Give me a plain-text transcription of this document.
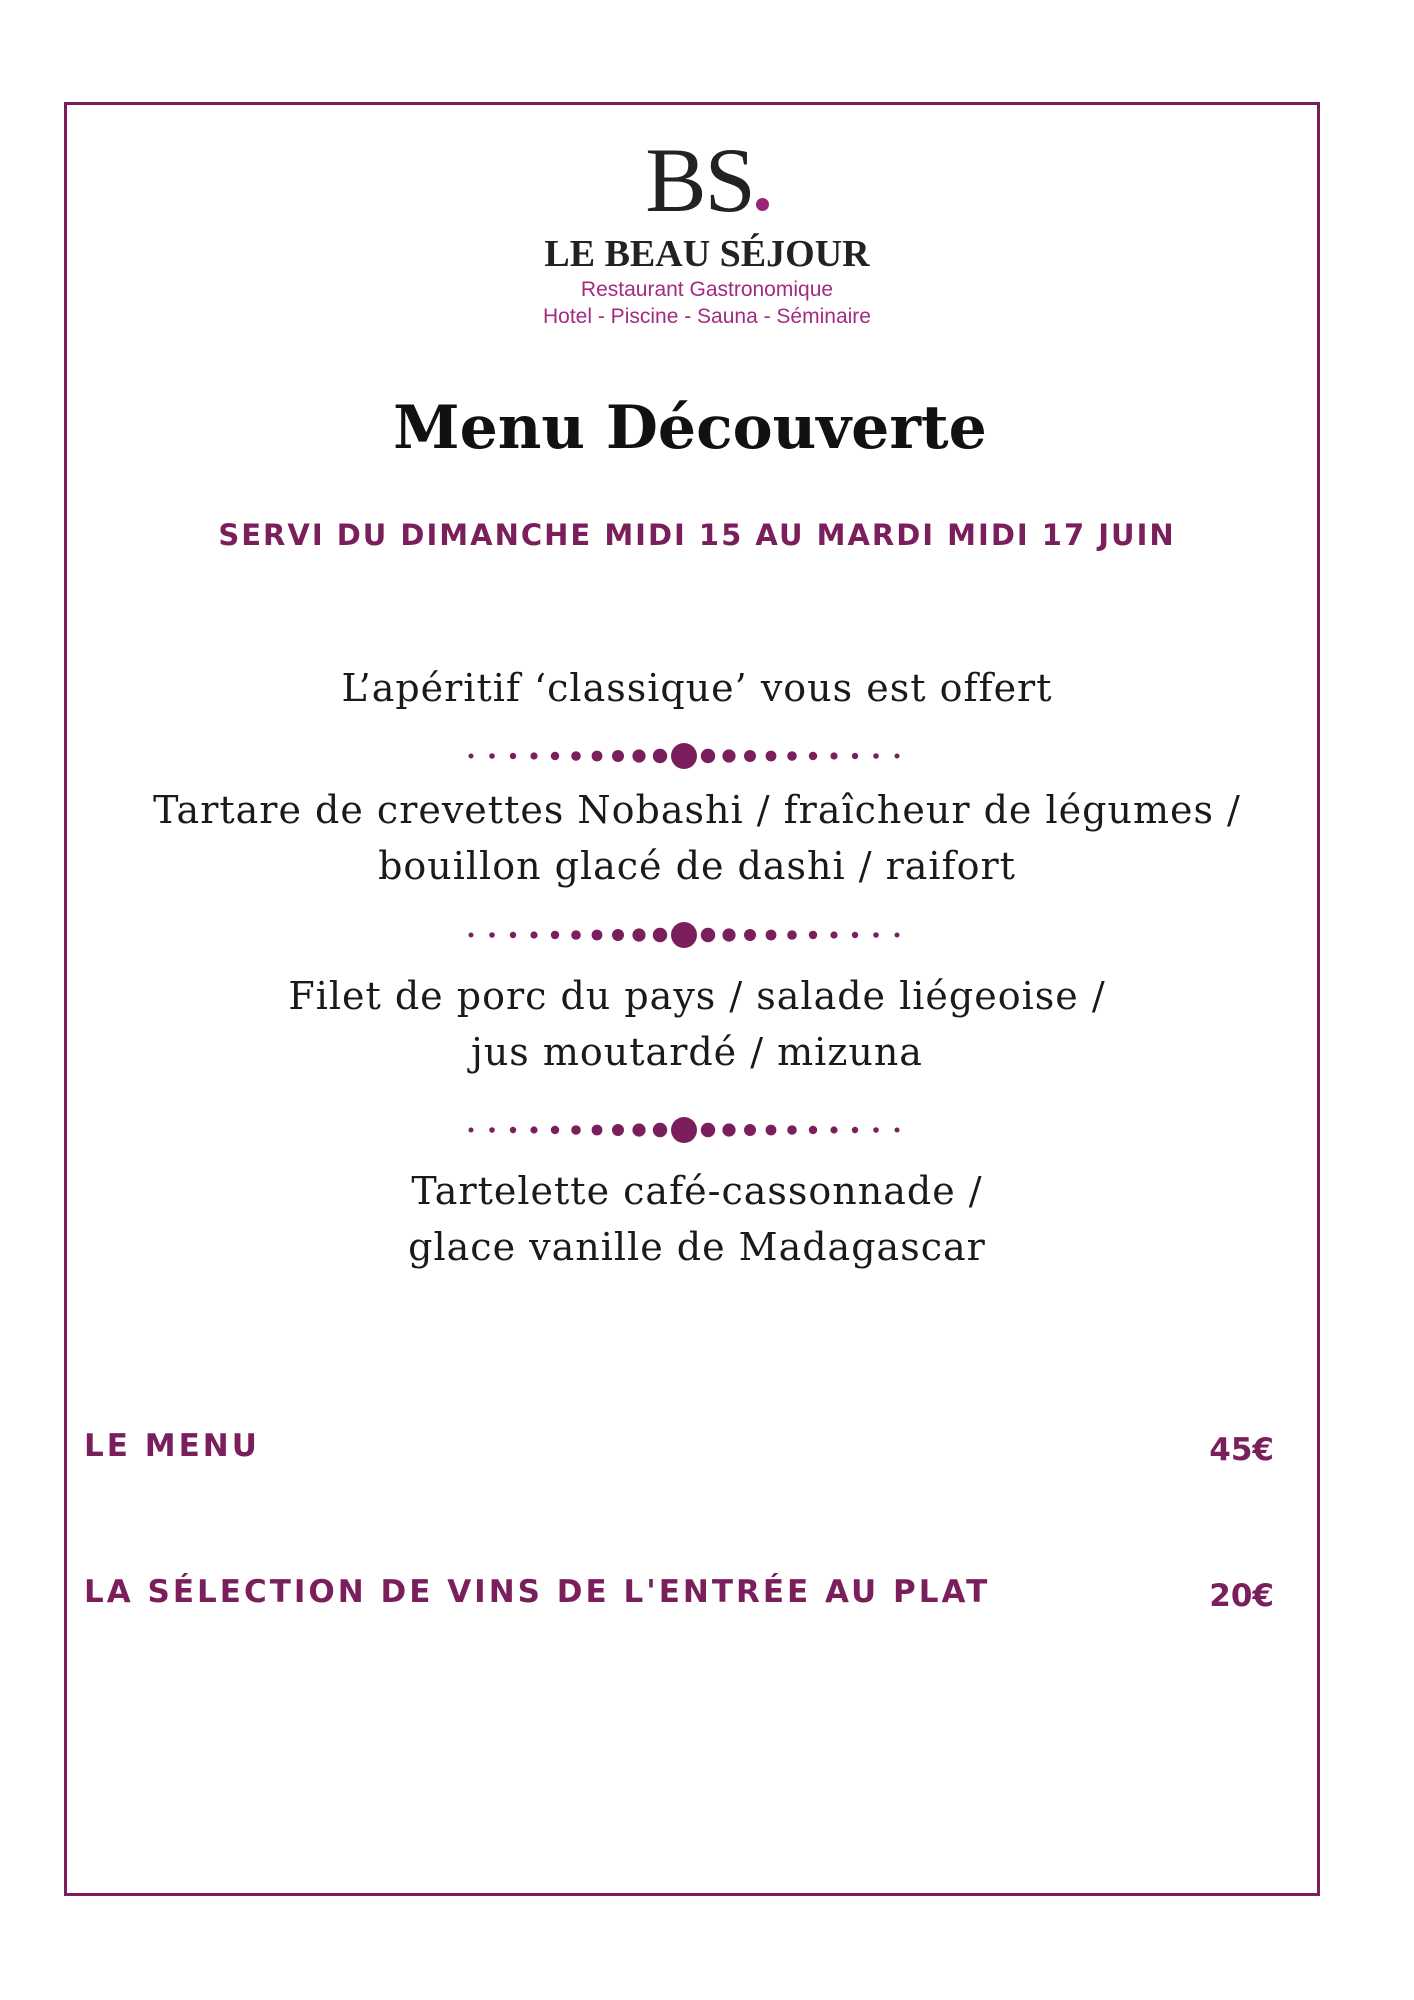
BS
LE BEAU SÉJOUR
Restaurant Gastronomique
Hotel - Piscine - Sauna - Séminaire
Menu Découverte
SERVI DU DIMANCHE MIDI 15 AU MARDI MIDI 17 JUIN
L’apéritif ‘classique’ vous est offert
Tartare de crevettes Nobashi / fraîcheur de légumes /
bouillon glacé de dashi / raifort
Filet de porc du pays / salade liégeoise /
jus moutardé / mizuna
Tartelette café-cassonnade /
glace vanille de Madagascar
LE MENU	45€
LA SÉLECTION DE VINS DE L'ENTRÉE AU PLAT	20€
